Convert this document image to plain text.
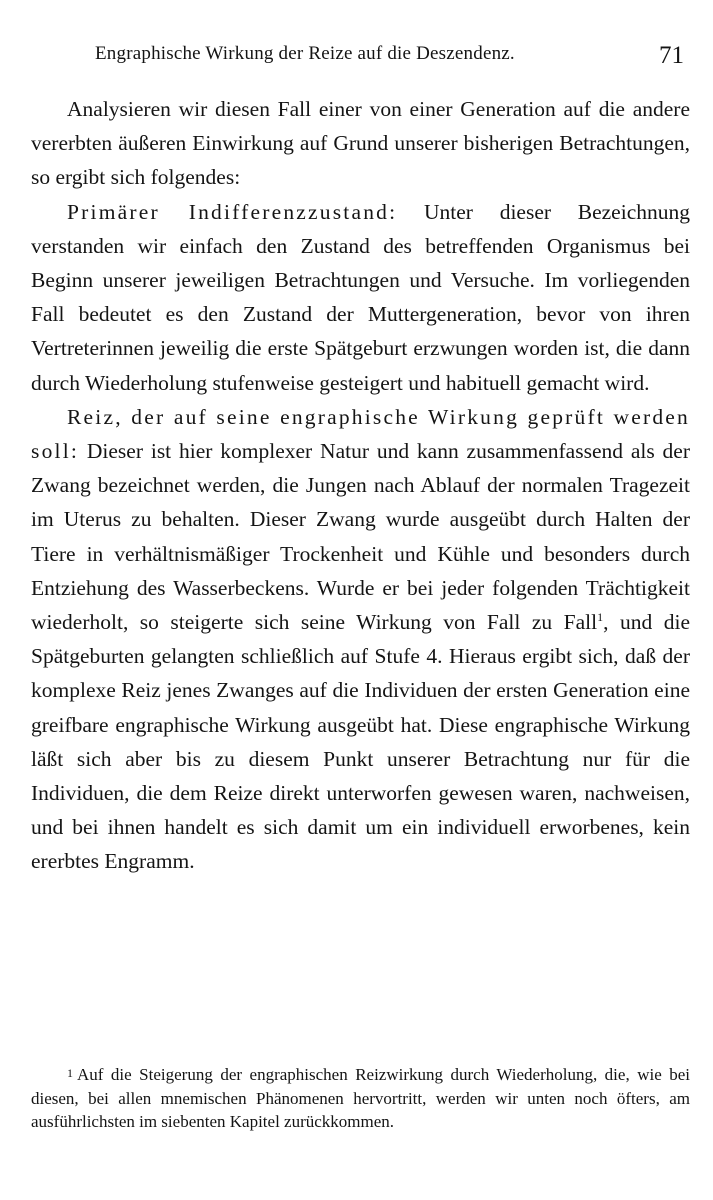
Engraphische Wirkung der Reize auf die Deszendenz.	71

Analysieren wir diesen Fall einer von einer Generation auf die andere vererbten äußeren Einwirkung auf Grund unserer bisherigen Betrachtungen, so ergibt sich folgendes:

Primärer Indifferenzzustand: Unter dieser Bezeichnung verstanden wir einfach den Zustand des betreffenden Organismus bei Beginn unserer jeweiligen Betrachtungen und Versuche. Im vorliegenden Fall bedeutet es den Zustand der Muttergeneration, bevor von ihren Vertreterinnen jeweilig die erste Spätgeburt erzwungen worden ist, die dann durch Wiederholung stufenweise gesteigert und habituell gemacht wird.

Reiz, der auf seine engraphische Wirkung geprüft werden soll: Dieser ist hier komplexer Natur und kann zusammenfassend als der Zwang bezeichnet werden, die Jungen nach Ablauf der normalen Tragezeit im Uterus zu behalten. Dieser Zwang wurde ausgeübt durch Halten der Tiere in verhältnismäßiger Trockenheit und Kühle und besonders durch Entziehung des Wasserbeckens. Wurde er bei jeder folgenden Trächtigkeit wiederholt, so steigerte sich seine Wirkung von Fall zu Fall$^1$, und die Spätgeburten gelangten schließlich auf Stufe 4. Hieraus ergibt sich, daß der komplexe Reiz jenes Zwanges auf die Individuen der ersten Generation eine greifbare engraphische Wirkung ausgeübt hat. Diese engraphische Wirkung läßt sich aber bis zu diesem Punkt unserer Betrachtung nur für die Individuen, die dem Reize direkt unterworfen gewesen waren, nachweisen, und bei ihnen handelt es sich damit um ein individuell erworbenes, kein ererbtes Engramm.

1 Auf die Steigerung der engraphischen Reizwirkung durch Wiederholung, die, wie bei diesen, bei allen mnemischen Phänomenen hervortritt, werden wir unten noch öfters, am ausführlichsten im siebenten Kapitel zurückkommen.
